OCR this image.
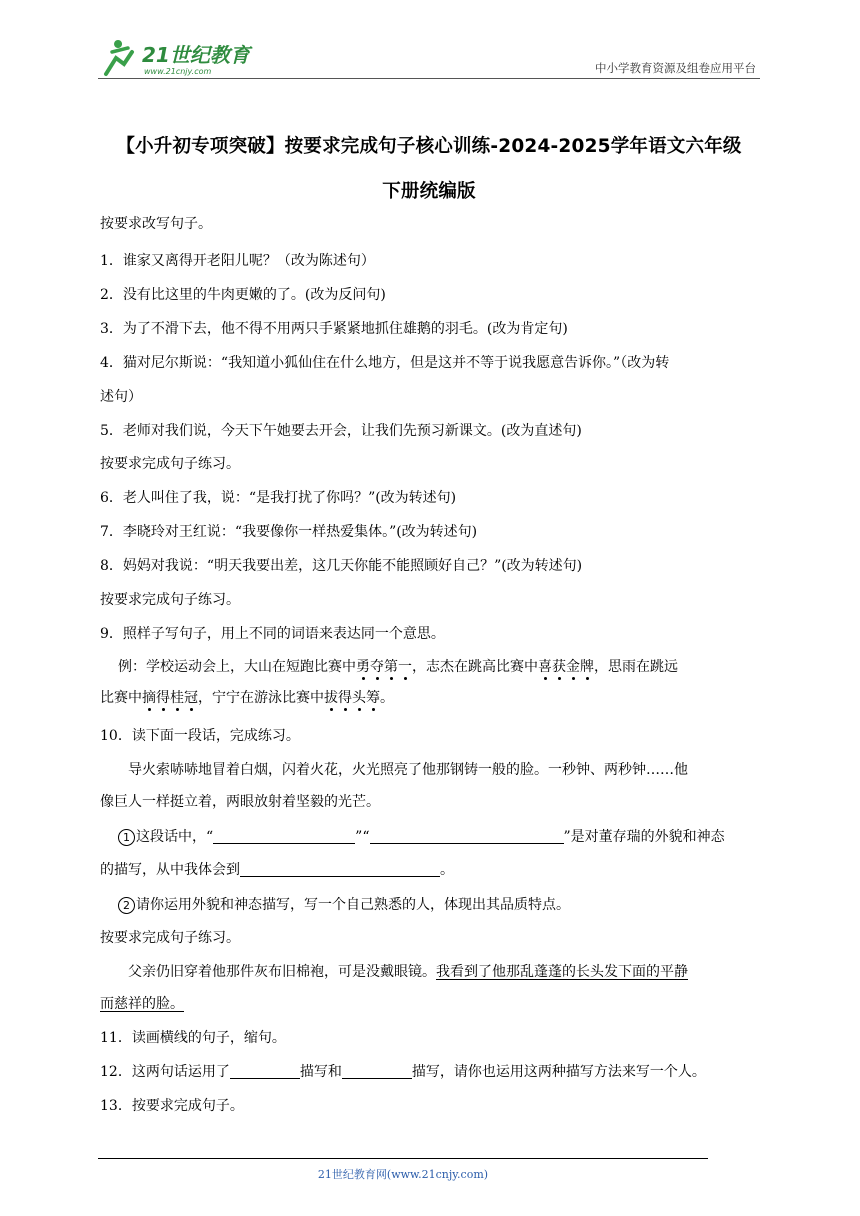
21世纪教育
www.21cnjy.com	中小学教育资源及组卷应用平台
【小升初专项突破】按要求完成句子核心训练-2024-2025学年语文六年级
下册统编版
按要求改写句子。
1．谁家又离得开老阳儿呢？（改为陈述句）
2．没有比这里的牛肉更嫩的了。(改为反问句)
3．为了不滑下去，他不得不用两只手紧紧地抓住雄鹅的羽毛。(改为肯定句)
4．猫对尼尔斯说：“我知道小狐仙住在什么地方，但是这并不等于说我愿意告诉你。”（改为转
述句）
5．老师对我们说，今天下午她要去开会，让我们先预习新课文。(改为直述句)
按要求完成句子练习。
6．老人叫住了我，说：“是我打扰了你吗？”(改为转述句)
7．李晓玲对王红说：“我要像你一样热爱集体。”(改为转述句)
8．妈妈对我说：“明天我要出差，这几天你能不能照顾好自己？”(改为转述句)
按要求完成句子练习。
9．照样子写句子，用上不同的词语来表达同一个意思。
例：学校运动会上，大山在短跑比赛中勇夺第一，志杰在跳高比赛中喜获金牌，思雨在跳远
比赛中摘得桂冠，宁宁在游泳比赛中拔得头筹。
10．读下面一段话，完成练习。
导火索哧哧地冒着白烟，闪着火花，火光照亮了他那钢铸一般的脸。一秒钟、两秒钟……他
像巨人一样挺立着，两眼放射着坚毅的光芒。
1 这段话中，“	”“	”是对董存瑞的外貌和神态
的描写，从中我体会到	。
2 请你运用外貌和神态描写，写一个自己熟悉的人，体现出其品质特点。
按要求完成句子练习。
父亲仍旧穿着他那件灰布旧棉袍，可是没戴眼镜。我看到了他那乱蓬蓬的长头发下面的平静
而慈祥的脸。
11．读画横线的句子，缩句。
12．这两句话运用了	描写和	描写，请你也运用这两种描写方法来写一个人。
13．按要求完成句子。
21世纪教育网(www.21cnjy.com)
